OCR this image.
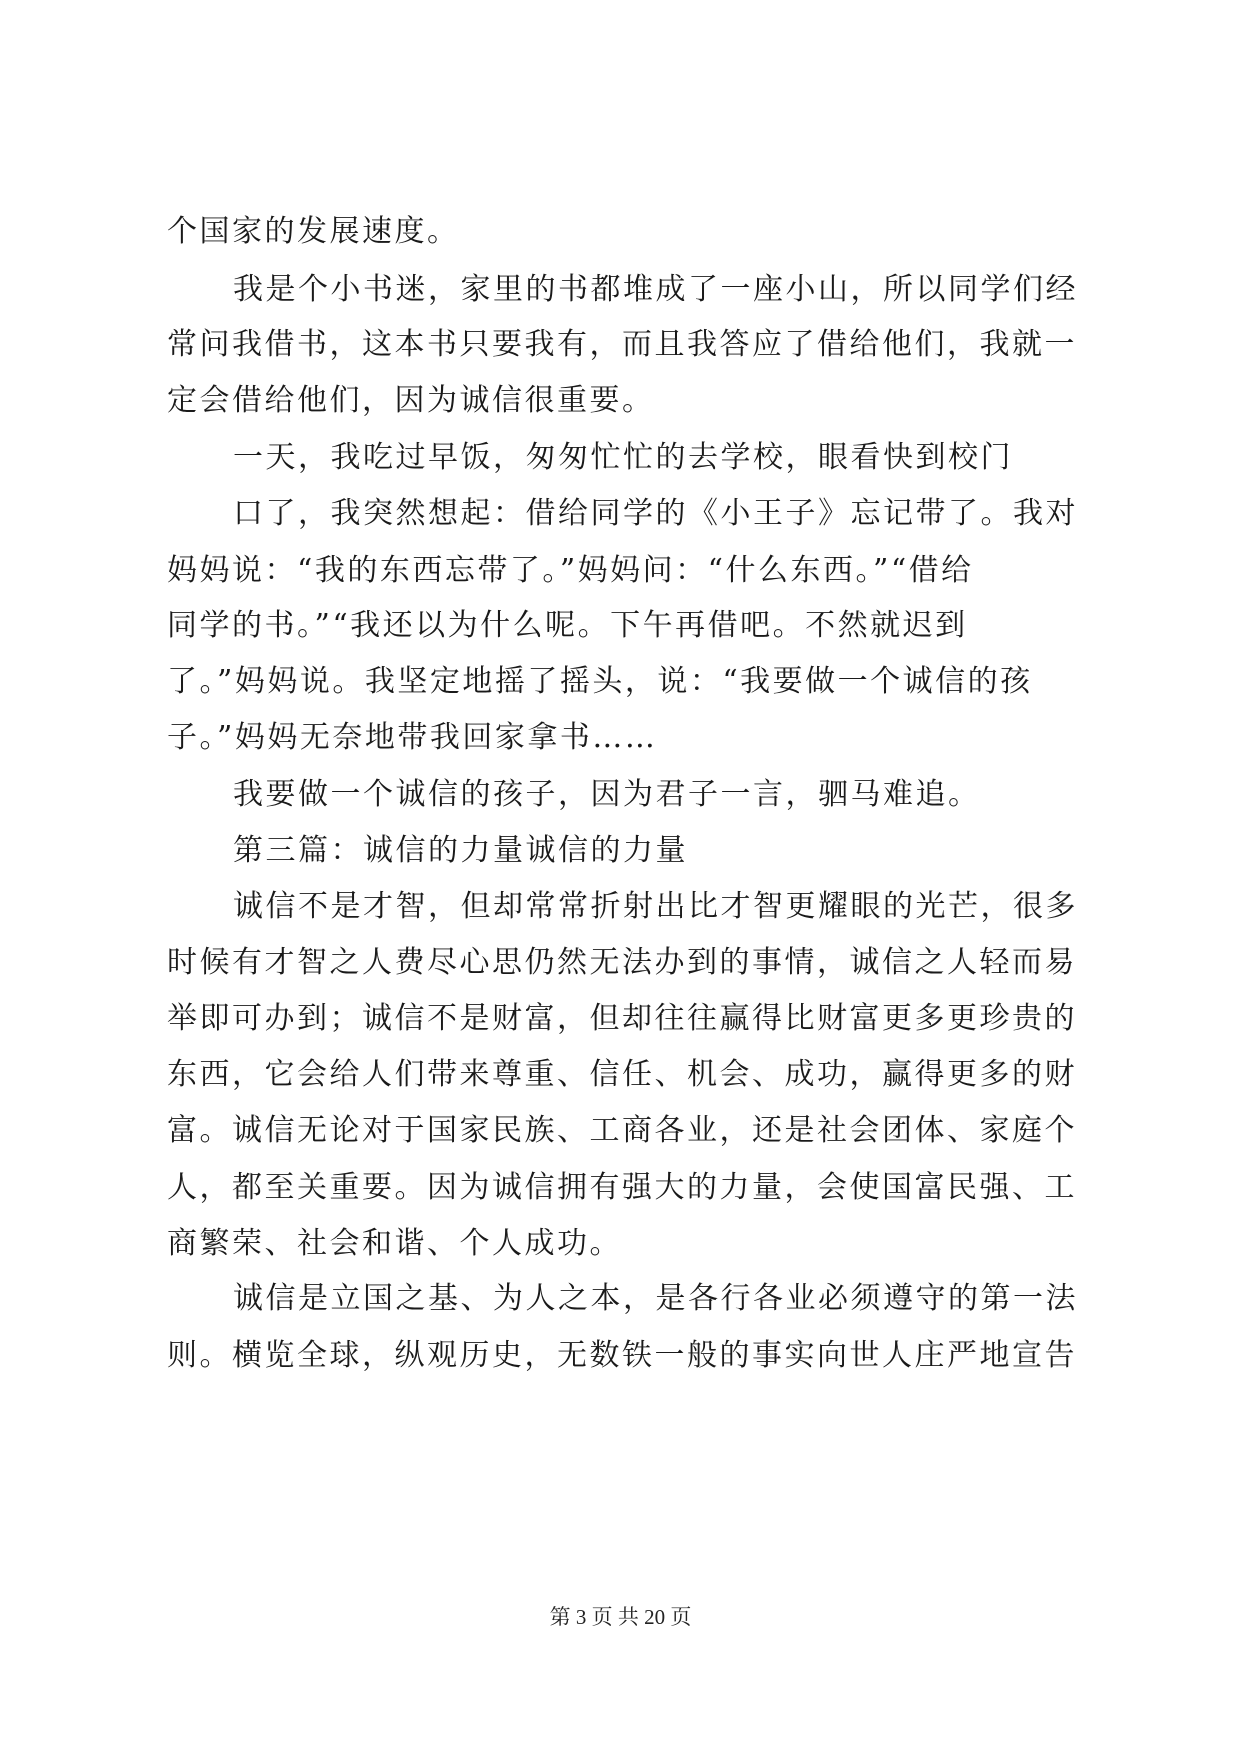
个国家的发展速度。
我是个小书迷，家里的书都堆成了一座小山，所以同学们经
常问我借书，这本书只要我有，而且我答应了借给他们，我就一
定会借给他们，因为诚信很重要。
一天，我吃过早饭，匆匆忙忙的去学校，眼看快到校门
口了，我突然想起：借给同学的《小王子》忘记带了。我对
妈妈说：“我的东西忘带了。”妈妈问：“什么东西。”“借给
同学的书。”“我还以为什么呢。下午再借吧。不然就迟到
了。”妈妈说。我坚定地摇了摇头，说：“我要做一个诚信的孩
子。”妈妈无奈地带我回家拿书……
我要做一个诚信的孩子，因为君子一言，驷马难追。
第三篇：诚信的力量诚信的力量
诚信不是才智，但却常常折射出比才智更耀眼的光芒，很多
时候有才智之人费尽心思仍然无法办到的事情，诚信之人轻而易
举即可办到；诚信不是财富，但却往往赢得比财富更多更珍贵的
东西，它会给人们带来尊重、信任、机会、成功，赢得更多的财
富。诚信无论对于国家民族、工商各业，还是社会团体、家庭个
人，都至关重要。因为诚信拥有强大的力量，会使国富民强、工
商繁荣、社会和谐、个人成功。
诚信是立国之基、为人之本，是各行各业必须遵守的第一法
则。横览全球，纵观历史，无数铁一般的事实向世人庄严地宣告
第 3 页 共 20 页
